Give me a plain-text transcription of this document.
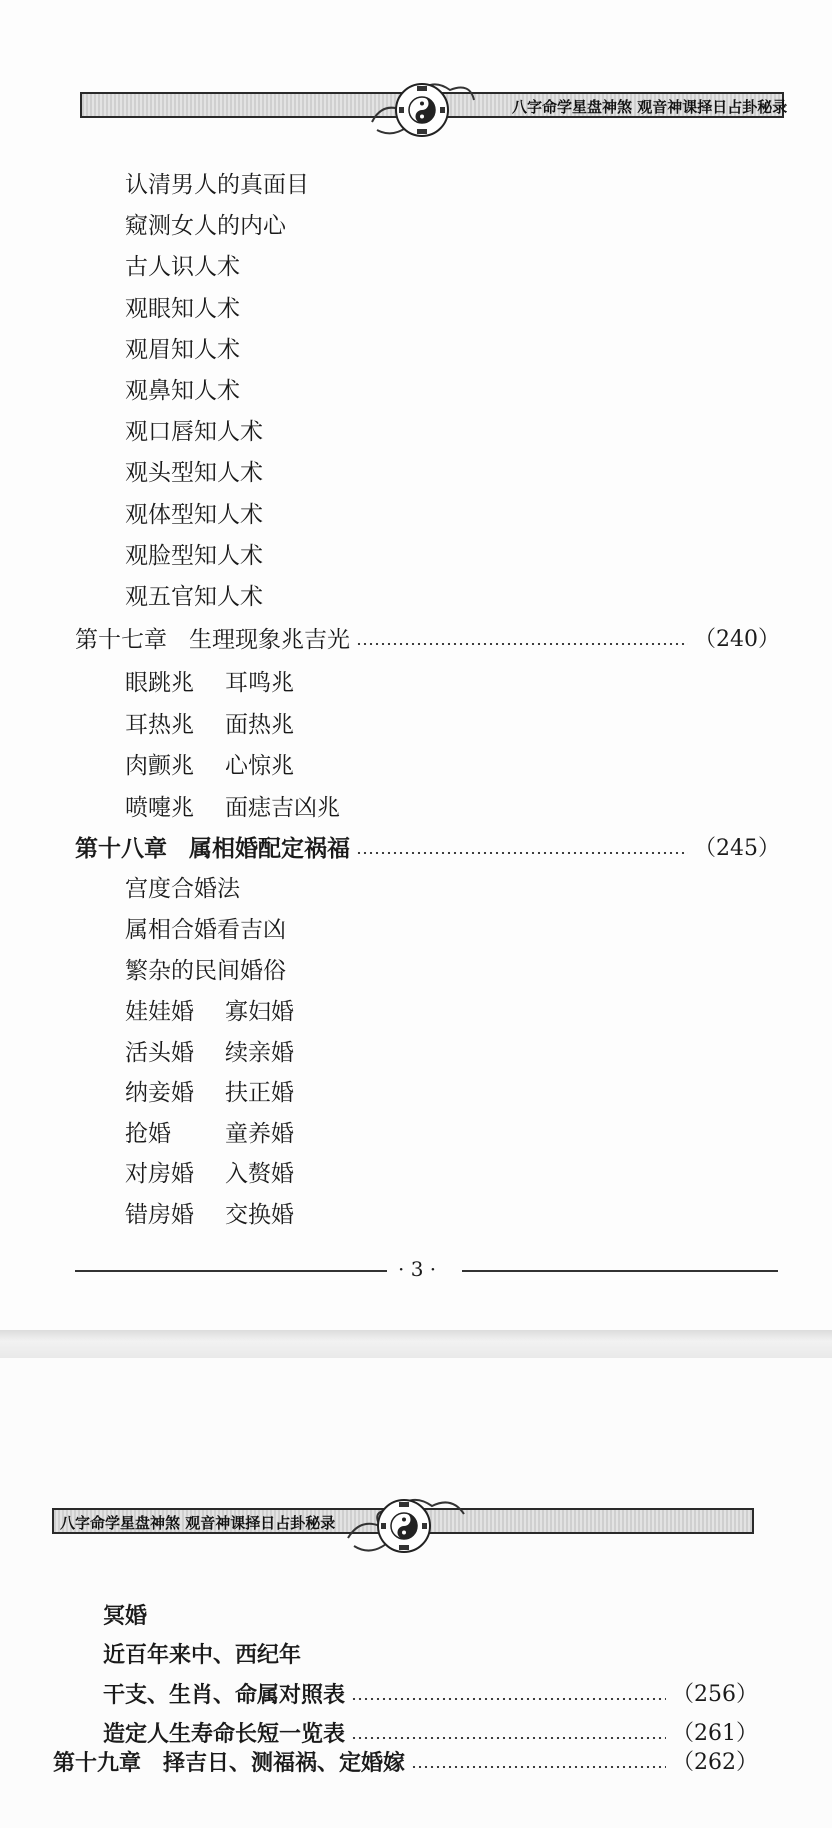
八字命学星盘神煞 观音神课择日占卦秘录
第十七章 生理现象兆吉光	（240）
第十八章 属相婚配定祸福	（245）
· 3 ·
认清男人的真面目
窥测女人的内心
古人识人术
观眼知人术
观眉知人术
观鼻知人术
观口唇知人术
观头型知人术
观体型知人术
观脸型知人术
观五官知人术
眼跳兆 耳鸣兆
耳热兆 面热兆
肉颤兆 心惊兆
喷嚏兆 面痣吉凶兆
宫度合婚法
属相合婚看吉凶
繁杂的民间婚俗
娃娃婚 寡妇婚
活头婚 续亲婚
纳妾婚 扶正婚
抢婚 童养婚
对房婚 入赘婚
错房婚 交换婚
八字命学星盘神煞 观音神课择日占卦秘录
第十九章 择吉日、测福祸、定婚嫁	（262）
冥婚
近百年来中、西纪年
干支、生肖、命属对照表	（256）
造定人生寿命长短一览表	（261）
